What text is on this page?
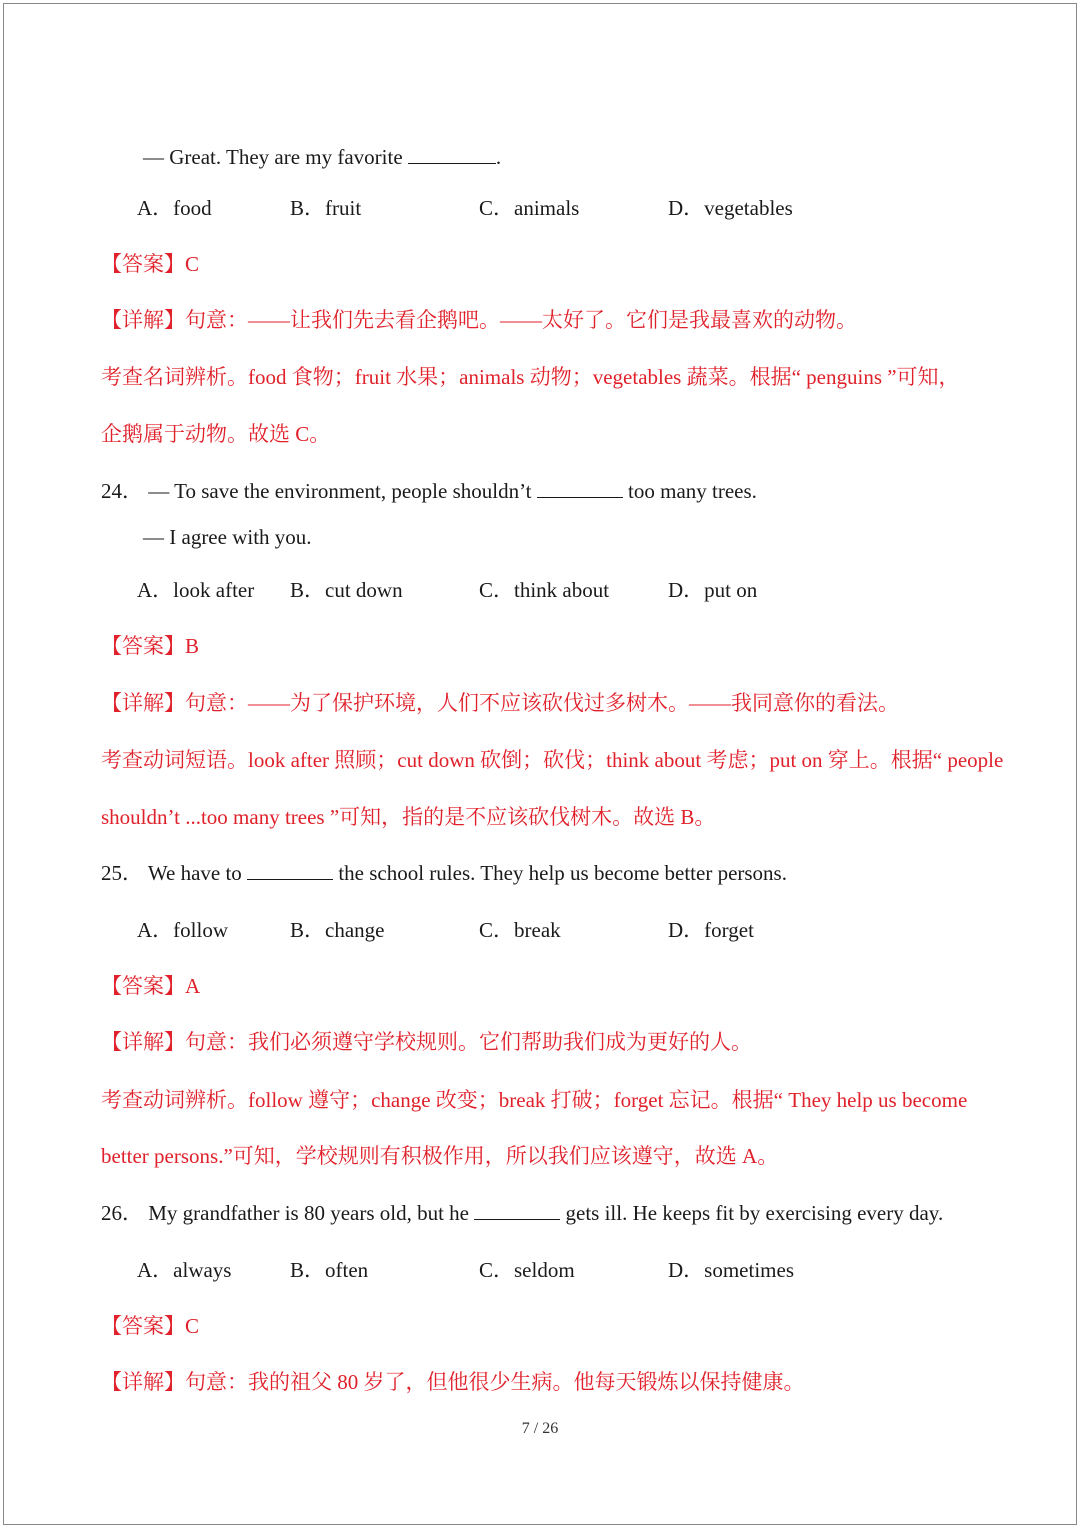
— Great. They are my favorite	.
A．food	B．fruit	C．animals	D．vegetables
【答案】C
【详解】句意：——让我们先去看企鹅吧。——太好了。它们是我最喜欢的动物。
考查名词辨析。food 食物；fruit 水果；animals 动物；vegetables 蔬菜。根据“ penguins ”可知，
企鹅属于动物。故选 C。
24． — To save the environment, people shouldn’t	too many trees.
— I agree with you.
A．look after B．cut down	C．think about	D．put on
【答案】B
【详解】句意：——为了保护环境，人们不应该砍伐过多树木。——我同意你的看法。
考查动词短语。look after 照顾；cut down 砍倒；砍伐；think about 考虑；put on 穿上。根据“ people
shouldn’t ...too many trees ”可知，指的是不应该砍伐树木。故选 B。
25． We have to	the school rules. They help us become better persons.
A．follow	B．change	C．break	D．forget
【答案】A
【详解】句意：我们必须遵守学校规则。它们帮助我们成为更好的人。
考查动词辨析。follow 遵守；change 改变；break 打破；forget 忘记。根据“ They help us become
better persons.”可知，学校规则有积极作用，所以我们应该遵守，故选 A。
26． My grandfather is 80 years old, but he	gets ill. He keeps fit by exercising every day.
A．always	B．often	C．seldom	D．sometimes
【答案】C
【详解】句意：我的祖父 80 岁了，但他很少生病。他每天锻炼以保持健康。
7 / 26
